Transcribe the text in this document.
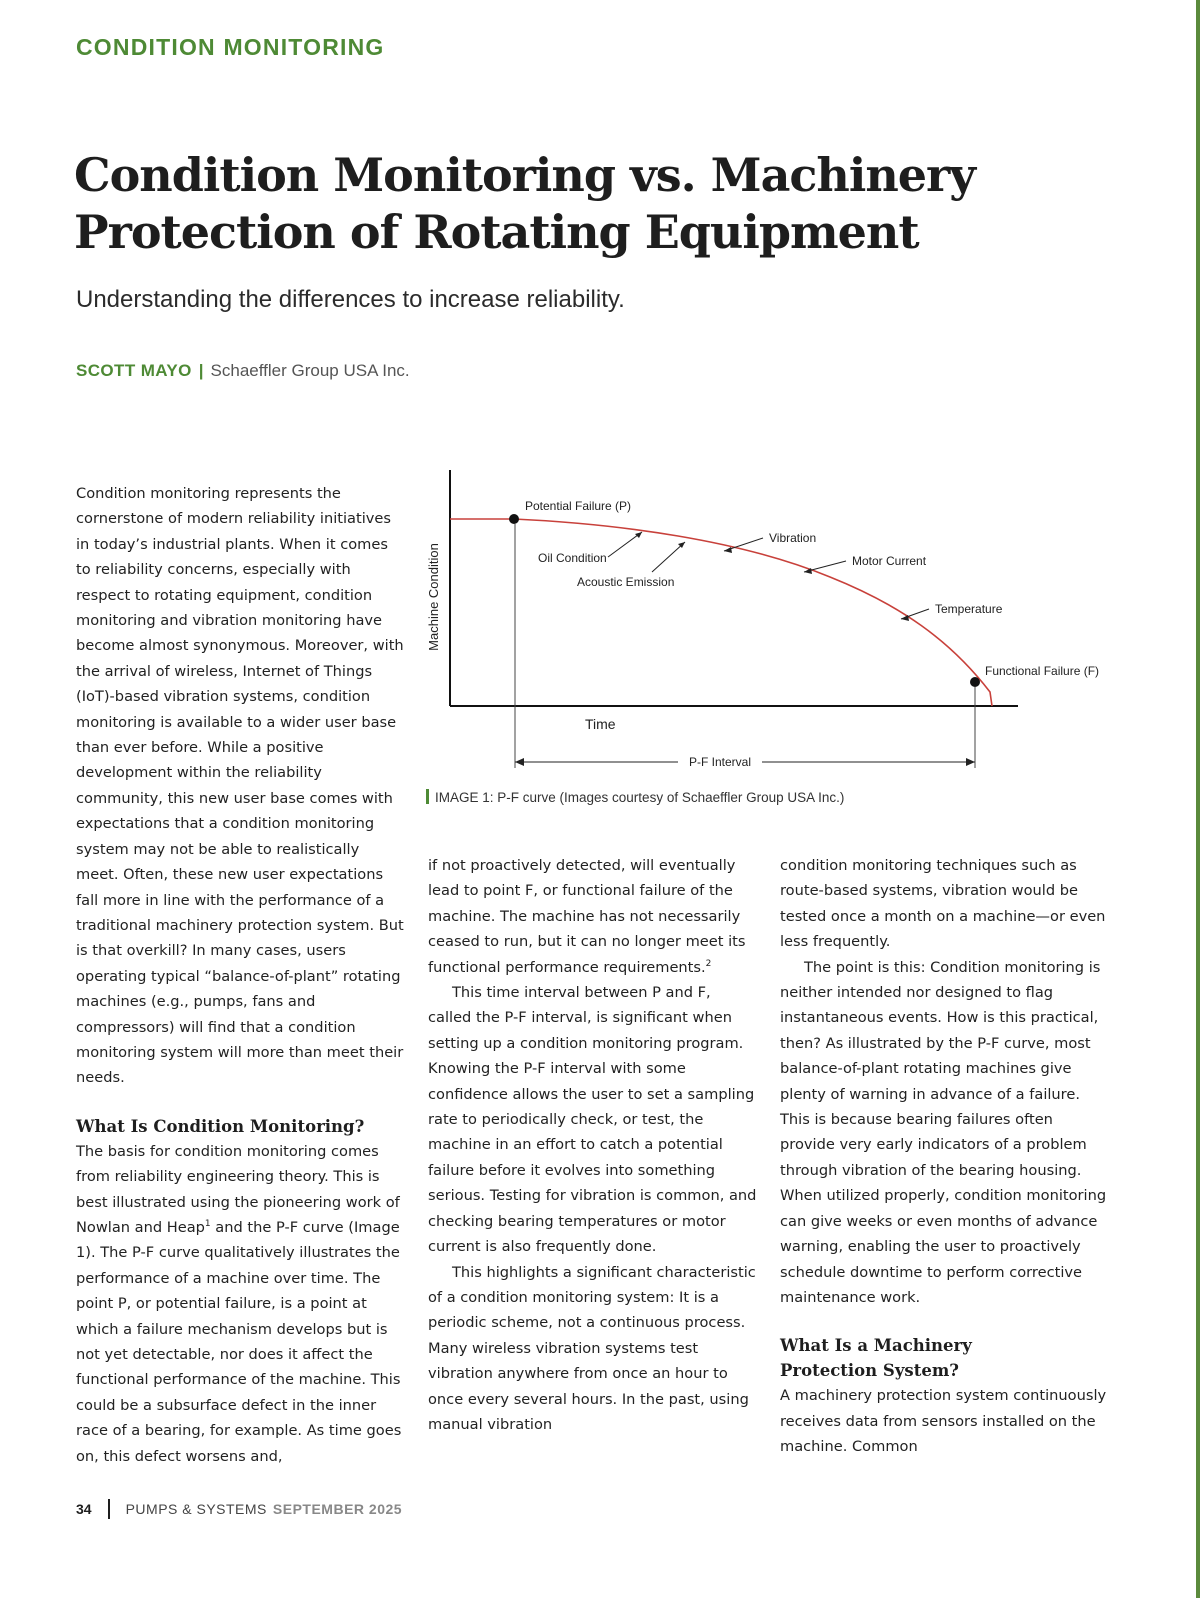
CONDITION MONITORING
Condition Monitoring vs. Machinery
Protection of Rotating Equipment
Understanding the differences to increase reliability.
SCOTT MAYO | Schaeffler Group USA Inc.

Condition monitoring represents the cornerstone of modern reliability initiatives in today’s industrial plants. When it comes to reliability concerns, especially with respect to rotating equipment, condition monitoring and vibration monitoring have become almost synonymous. Moreover, with the arrival of wireless, Internet of Things (IoT)-based vibration systems, condition monitoring is available to a wider user base than ever before. While a positive development within the reliability community, this new user base comes with expectations that a condition monitoring system may not be able to realistically meet. Often, these new user expectations fall more in line with the performance of a traditional machinery protection system. But is that overkill? In many cases, users operating typical “balance-of-plant” rotating machines (e.g., pumps, fans and compressors) will find that a condition monitoring system will more than meet their needs.

What Is Condition Monitoring?

The basis for condition monitoring comes from reliability engineering theory. This is best illustrated using the pioneering work of Nowlan and Heap$^1$ and the P-F curve (Image 1). The P-F curve qualitatively illustrates the performance of a machine over time. The point P, or potential failure, is a point at which a failure mechanism develops but is not yet detectable, nor does it affect the functional performance of the machine. This could be a subsurface defect in the inner race of a bearing, for example. As time goes on, this defect worsens and,

Machine Condition
Potential Failure (P)
Functional Failure (F)
Oil Condition
Acoustic Emission
Vibration
Motor Current
Temperature
Time
P-F Interval
IMAGE 1: P-F curve (Images courtesy of Schaeffler Group USA Inc.)

if not proactively detected, will eventually lead to point F, or functional failure of the machine. The machine has not necessarily ceased to run, but it can no longer meet its functional performance requirements.$^2$

This time interval between P and F, called the P-F interval, is significant when setting up a condition monitoring program. Knowing the P-F interval with some confidence allows the user to set a sampling rate to periodically check, or test, the machine in an effort to catch a potential failure before it evolves into something serious. Testing for vibration is common, and checking bearing temperatures or motor current is also frequently done.

This highlights a significant characteristic of a condition monitoring system: It is a periodic scheme, not a continuous process. Many wireless vibration systems test vibration anywhere from once an hour to once every several hours. In the past, using manual vibration

condition monitoring techniques such as route-based systems, vibration would be tested once a month on a machine—or even less frequently.

The point is this: Condition monitoring is neither intended nor designed to flag instantaneous events. How is this practical, then? As illustrated by the P-F curve, most balance-of-plant rotating machines give plenty of warning in advance of a failure. This is because bearing failures often provide very early indicators of a problem through vibration of the bearing housing. When utilized properly, condition monitoring can give weeks or even months of advance warning, enabling the user to proactively schedule downtime to perform corrective maintenance work.

What Is a Machinery
Protection System?

A machinery protection system continuously receives data from sensors installed on the machine. Common

34 PUMPS & SYSTEMS SEPTEMBER 2025
